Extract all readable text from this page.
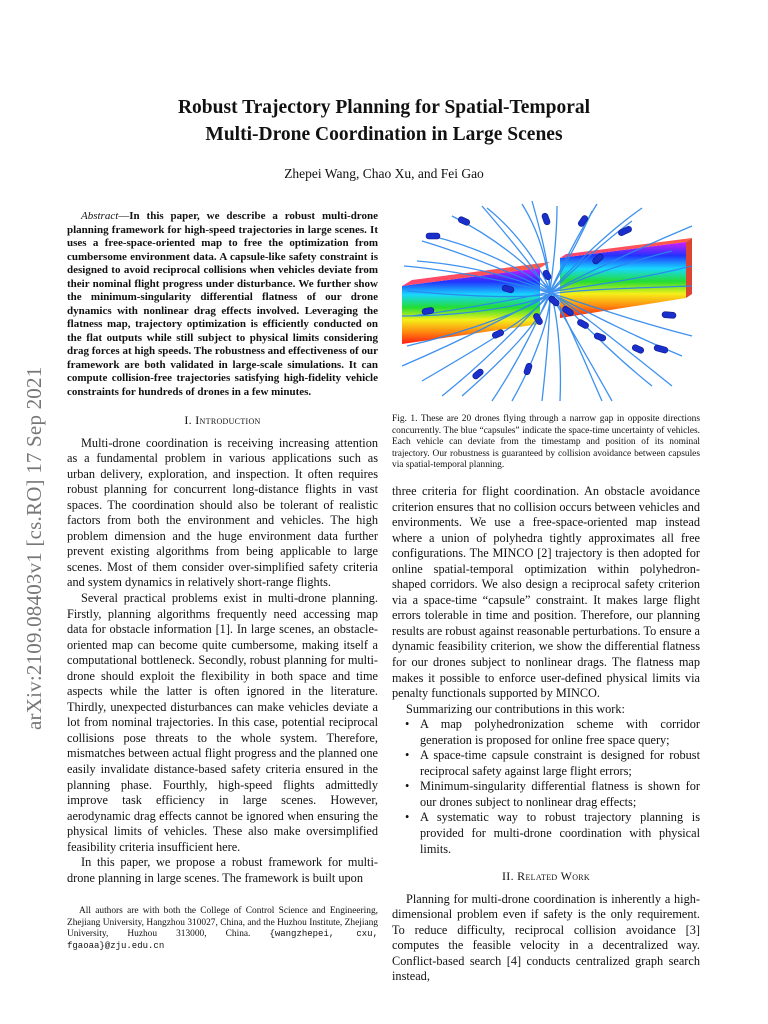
arXiv:2109.08403v1 [cs.RO] 17 Sep 2021
Robust Trajectory Planning for Spatial-Temporal
Multi-Drone Coordination in Large Scenes
Zhepei Wang, Chao Xu, and Fei Gao

Abstract—In this paper, we describe a robust multi-drone planning framework for high-speed trajectories in large scenes. It uses a free-space-oriented map to free the optimization from cumbersome environment data. A capsule-like safety constraint is designed to avoid reciprocal collisions when vehicles deviate from their nominal flight progress under disturbance. We further show the minimum-singularity differential flatness of our drone dynamics with nonlinear drag effects involved. Leveraging the flatness map, trajectory optimization is efficiently conducted on the flat outputs while still subject to physical limits considering drag forces at high speeds. The robustness and effectiveness of our framework are both validated in large-scale simulations. It can compute collision-free trajectories satisfying high-fidelity vehicle constraints for hundreds of drones in a few minutes.

I. Introduction

Multi-drone coordination is receiving increasing attention as a fundamental problem in various applications such as urban delivery, exploration, and inspection. It often requires robust planning for concurrent long-distance flights in vast spaces. The coordination should also be tolerant of realistic factors from both the environment and vehicles. The high problem dimension and the huge environment data further prevent existing algorithms from being applicable to large scenes. Most of them consider over-simplified safety criteria and system dynamics in relatively short-range flights.

Several practical problems exist in multi-drone planning. Firstly, planning algorithms frequently need accessing map data for obstacle information [1]. In large scenes, an obstacle-oriented map can become quite cumbersome, making itself a computational bottleneck. Secondly, robust planning for multi-drone should exploit the flexibility in both space and time aspects while the latter is often ignored in the literature. Thirdly, unexpected disturbances can make vehicles deviate a lot from nominal trajectories. In this case, potential reciprocal collisions pose threats to the whole system. Therefore, mismatches between actual flight progress and the planned one easily invalidate distance-based safety criteria ensured in the planning phase. Fourthly, high-speed flights admittedly improve task efficiency in large scenes. However, aerodynamic drag effects cannot be ignored when ensuring the physical limits of vehicles. These also make oversimplified feasibility criteria insufficient here.

In this paper, we propose a robust framework for multi-drone planning in large scenes. The framework is built upon

All authors are with both the College of Control Science and Engineering, Zhejiang University, Hangzhou 310027, China, and the Huzhou Institute, Zhejiang University, Huzhou 313000, China. {wangzhepei, cxu, fgaoaa}@zju.edu.cn
Fig. 1. These are 20 drones flying through a narrow gap in opposite directions concurrently. The blue “capsules” indicate the space-time uncertainty of vehicles. Each vehicle can deviate from the timestamp and position of its nominal trajectory. Our robustness is guaranteed by collision avoidance between capsules via spatial-temporal planning.

three criteria for flight coordination. An obstacle avoidance criterion ensures that no collision occurs between vehicles and environments. We use a free-space-oriented map instead where a union of polyhedra tightly approximates all free configurations. The MINCO [2] trajectory is then adopted for online spatial-temporal optimization within polyhedron-shaped corridors. We also design a reciprocal safety criterion via a space-time “capsule” constraint. It makes large flight errors tolerable in time and position. Therefore, our planning results are robust against reasonable perturbations. To ensure a dynamic feasibility criterion, we show the differential flatness for our drones subject to nonlinear drags. The flatness map makes it possible to enforce user-defined physical limits via penalty functionals supported by MINCO.

Summarizing our contributions in this work:

• A map polyhedronization scheme with corridor generation is proposed for online free space query;
• A space-time capsule constraint is designed for robust reciprocal safety against large flight errors;
• Minimum-singularity differential flatness is shown for our drones subject to nonlinear drag effects;
• A systematic way to robust trajectory planning is provided for multi-drone coordination with physical limits.
II. Related Work

Planning for multi-drone coordination is inherently a high-dimensional problem even if safety is the only requirement. To reduce difficulty, reciprocal collision avoidance [3] computes the feasible velocity in a decentralized way. Conflict-based search [4] conducts centralized graph search instead,
